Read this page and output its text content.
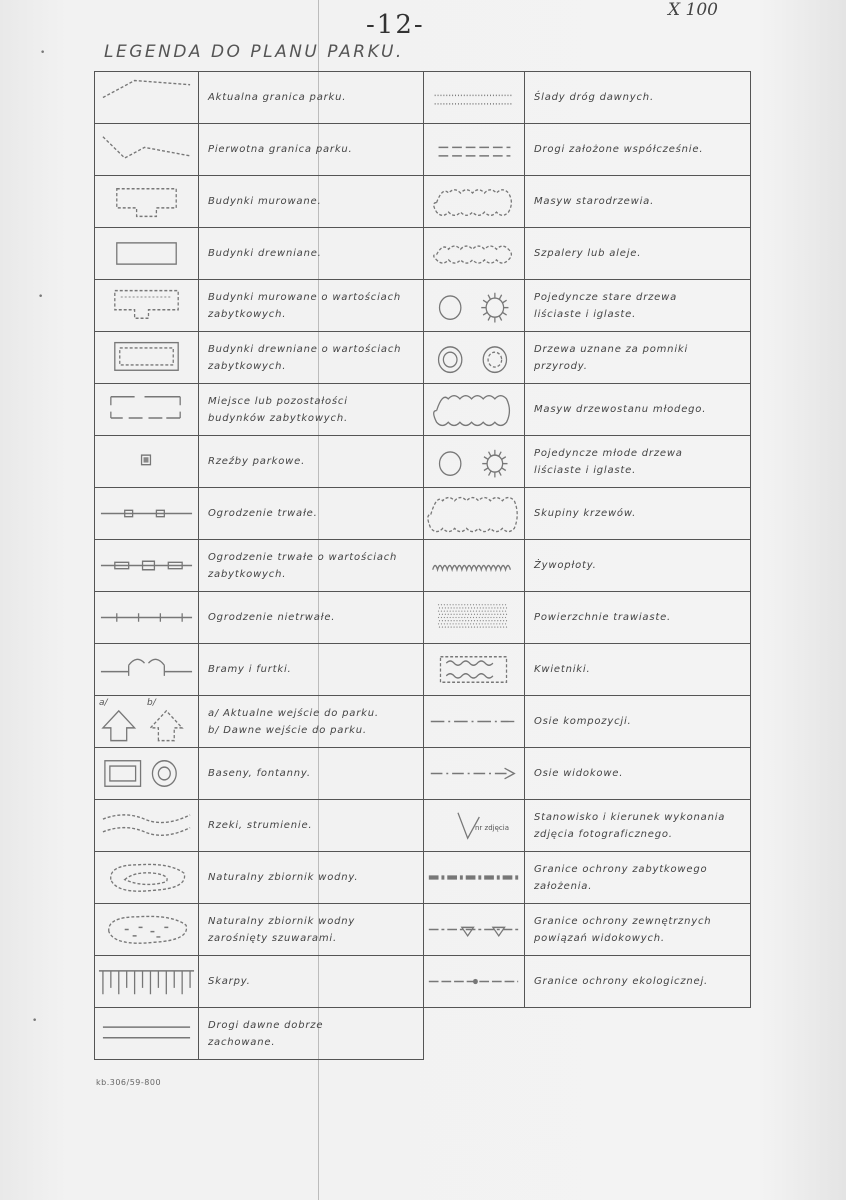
-12-	X 100
LEGENDA DO PLANU PARKU.
Aktualna granica parku.
Pierwotna granica parku.
Budynki murowane.
Budynki drewniane.
Budynki murowane o wartościach
zabytkowych.
Budynki drewniane o wartościach
zabytkowych.
Miejsce lub pozostałości
budynków zabytkowych.
Rzeźby parkowe.
Ogrodzenie trwałe.
Ogrodzenie trwałe o wartościach
zabytkowych.
Ogrodzenie nietrwałe.
Bramy i furtki.
a/	b/
a/ Aktualne wejście do parku.
b/ Dawne wejście do parku.
Baseny, fontanny.
Rzeki, strumienie.
Naturalny zbiornik wodny.
Naturalny zbiornik wodny
zarośnięty szuwarami.
Skarpy.
Drogi dawne dobrze
zachowane.
Ślady dróg dawnych.
Drogi założone współcześnie.
Masyw starodrzewia.
Szpalery lub aleje.
Pojedyncze stare drzewa
liściaste i iglaste.
Drzewa uznane za pomniki
przyrody.
Masyw drzewostanu młodego.
Pojedyncze młode drzewa
liściaste i iglaste.
Skupiny krzewów.
Żywopłoty.
Powierzchnie trawiaste.
Kwietniki.
Osie kompozycji.
Osie widokowe.
nr zdjęcia
Stanowisko i kierunek wykonania
zdjęcia fotograficznego.
Granice ochrony zabytkowego
założenia.
Granice ochrony zewnętrznych
powiązań widokowych.
Granice ochrony ekologicznej.
kb.306/59-800
•
•
•
